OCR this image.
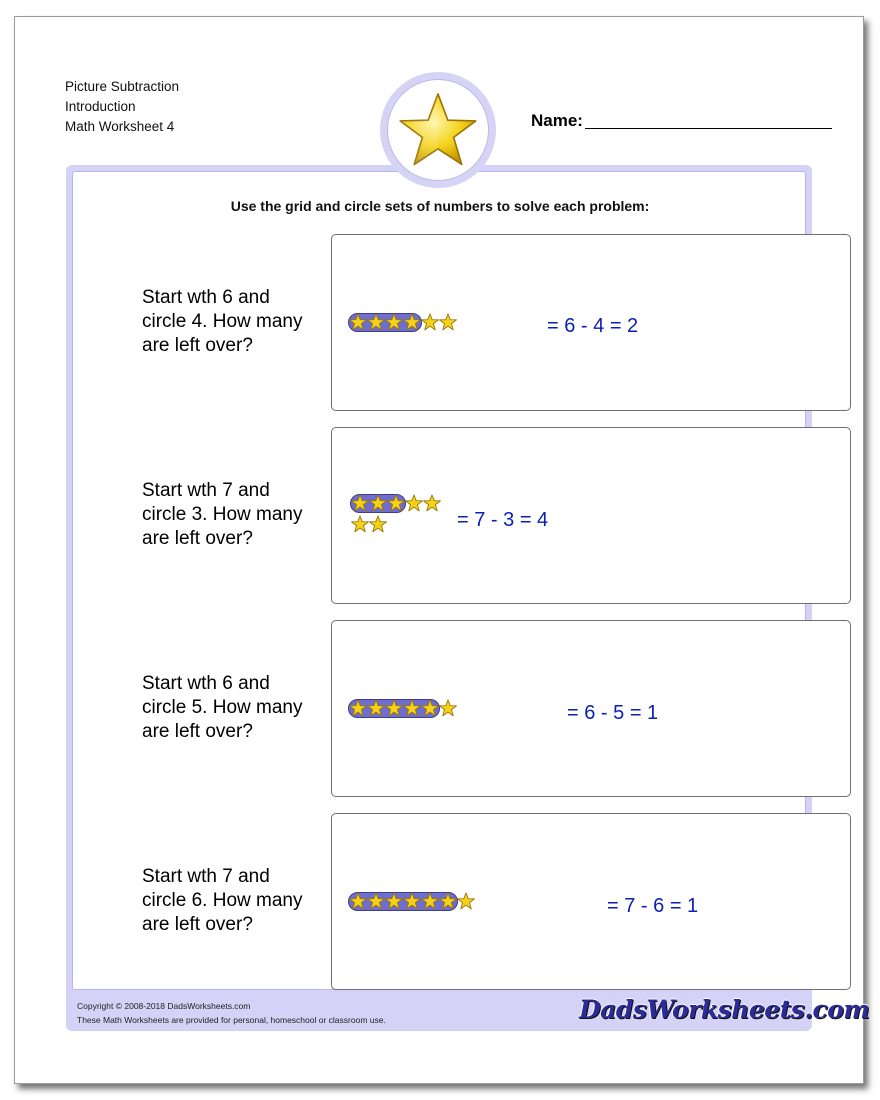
Picture Subtraction
Introduction
Math Worksheet 4	Name:
Use the grid and circle sets of numbers to solve each problem:
Start wth 6 and
circle 4. How many
are left over?
= 6 - 4 = 2
Start wth 7 and
circle 3. How many
are left over?
= 7 - 3 = 4
Start wth 6 and
circle 5. How many
are left over?
= 6 - 5 = 1
Start wth 7 and
circle 6. How many
are left over?
= 7 - 6 = 1
Copyright © 2008-2018 DadsWorksheets.com
These Math Worksheets are provided for personal, homeschool or classroom use.	DadsWorksheets.com
